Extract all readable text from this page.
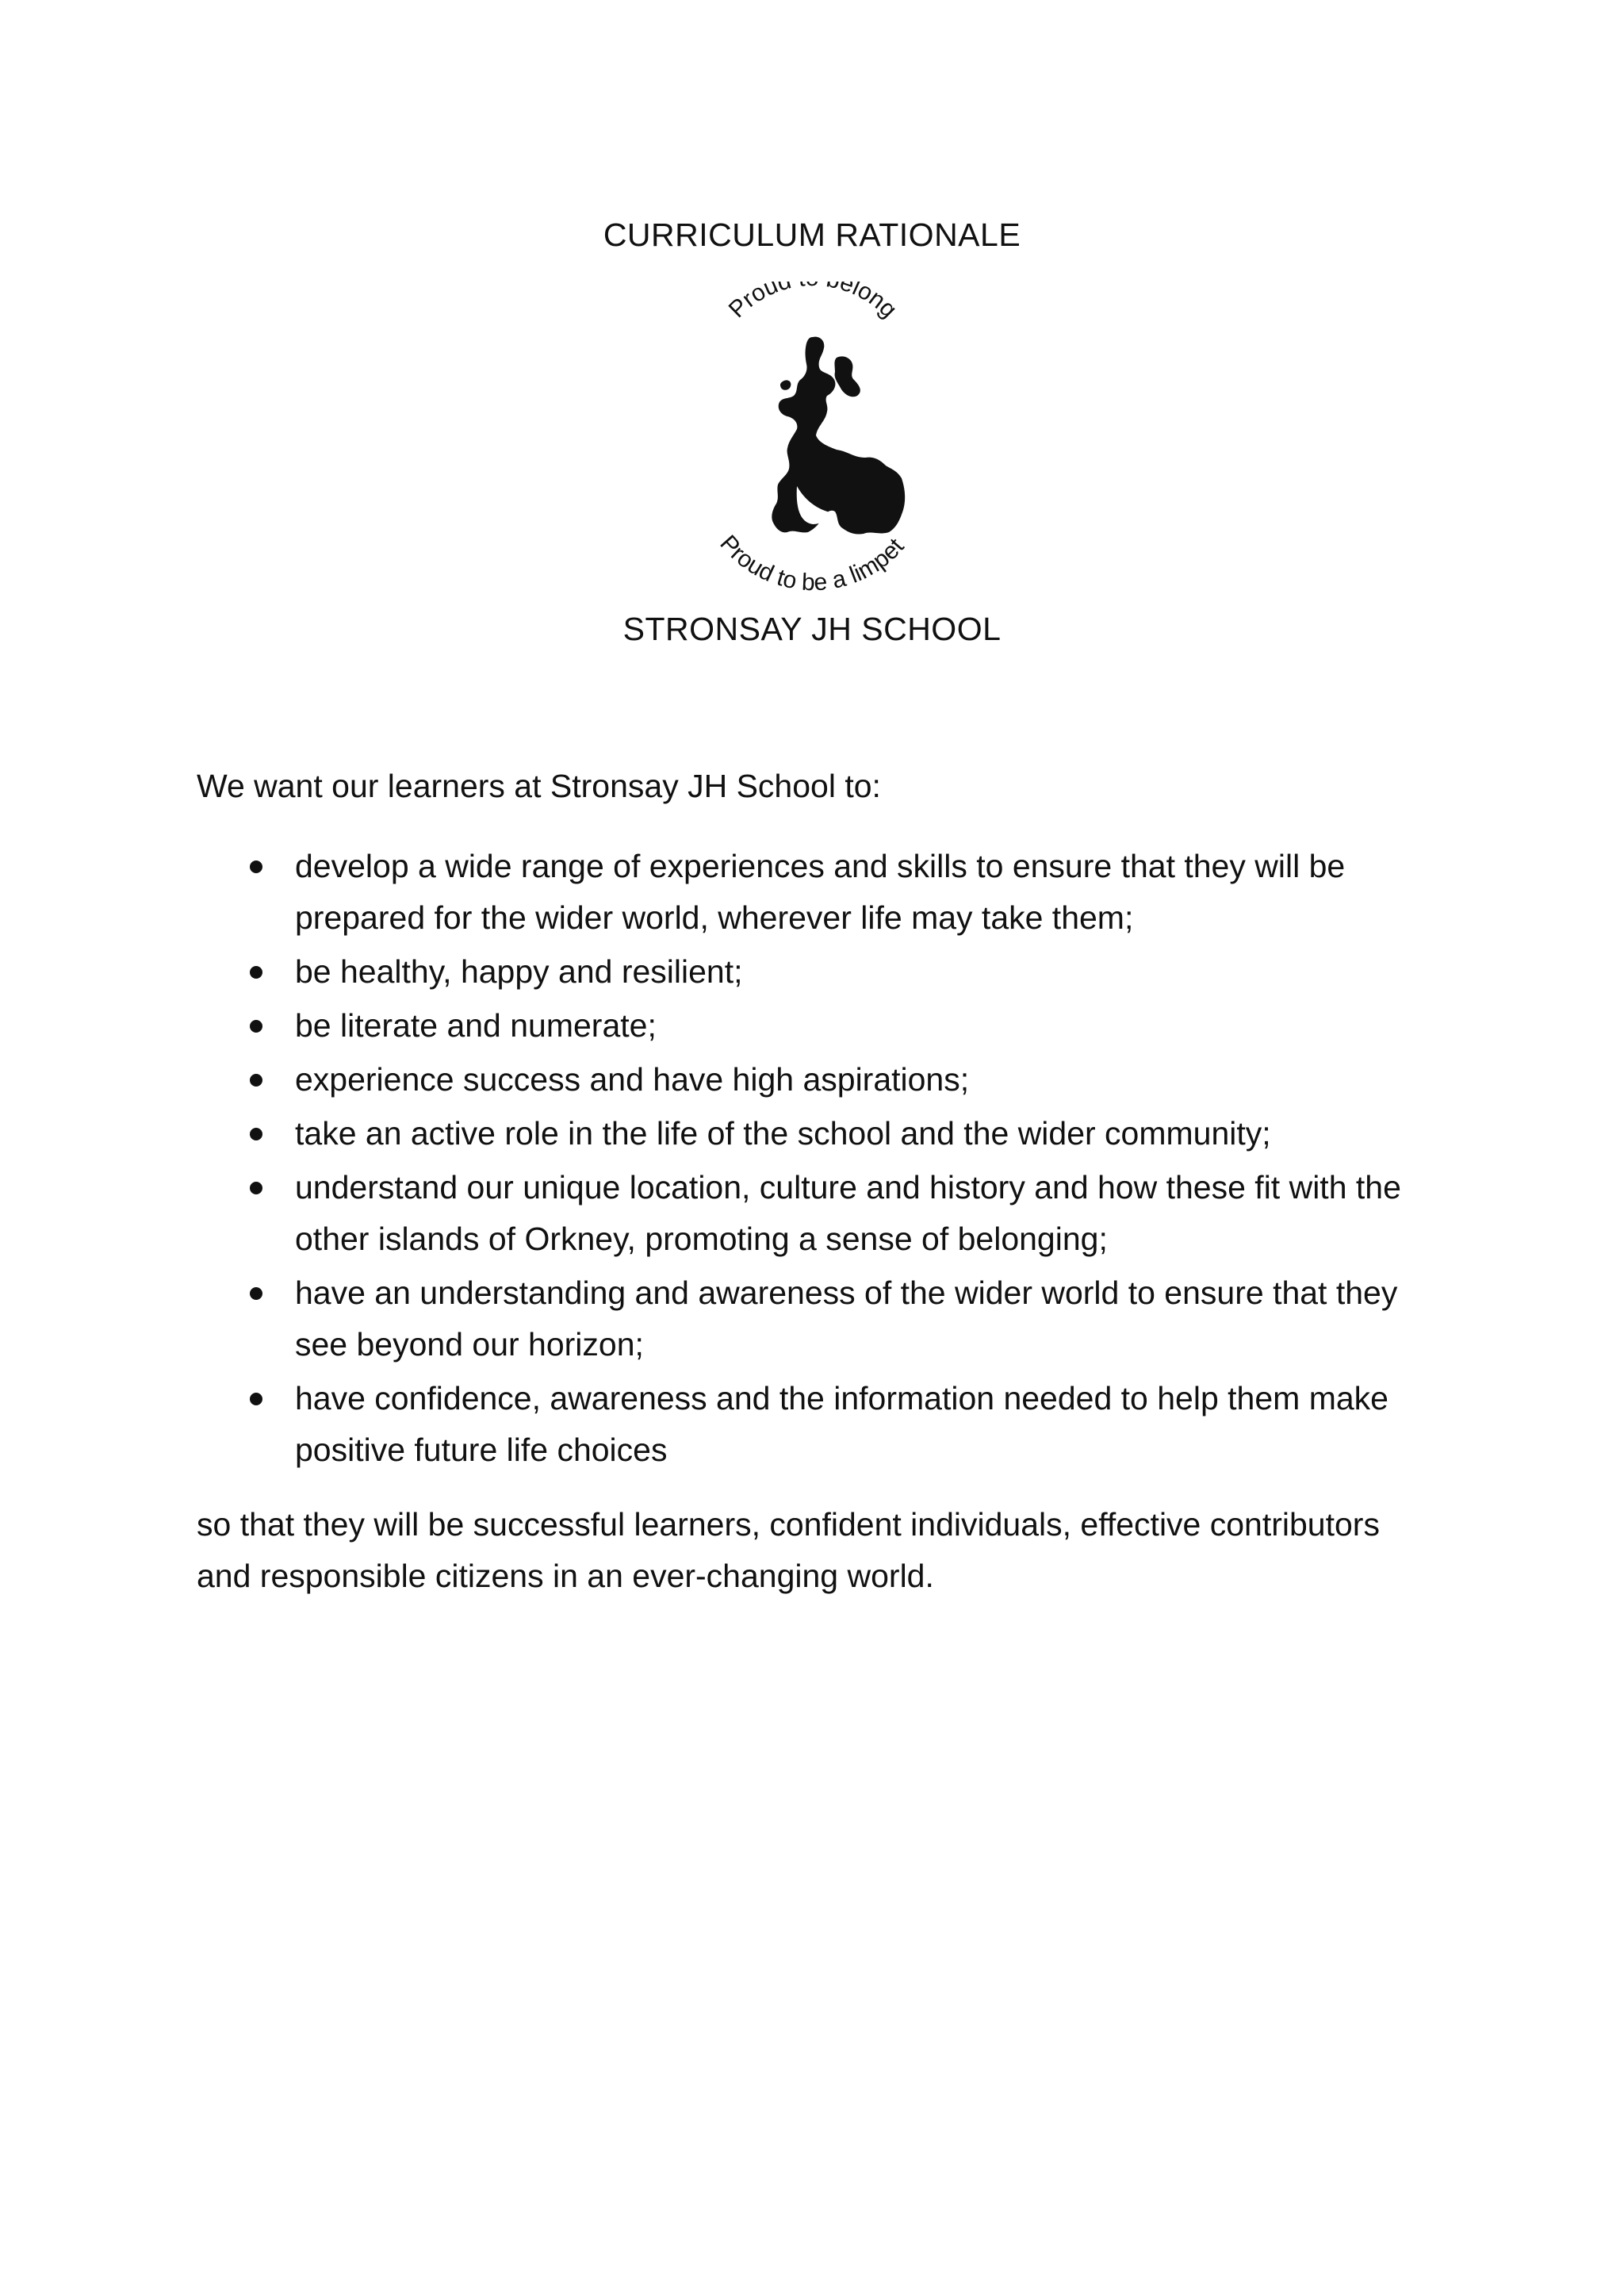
CURRICULUM RATIONALE
Proud elong
Proud to be a limpet
STRONSAY JH SCHOOL

We want our learners at Stronsay JH School to:

develop a wide range of experiences and skills to ensure that they will be prepared for the wider world, wherever life may take them;
be healthy, happy and resilient;
be literate and numerate;
experience success and have high aspirations;
take an active role in the life of the school and the wider community;
understand our unique location, culture and history and how these fit with the other islands of Orkney, promoting a sense of belonging;
have an understanding and awareness of the wider world to ensure that they see beyond our horizon;
have confidence, awareness and the information needed to help them make positive future life choices

so that they will be successful learners, confident individuals, effective contributors and responsible citizens in an ever-changing world.
